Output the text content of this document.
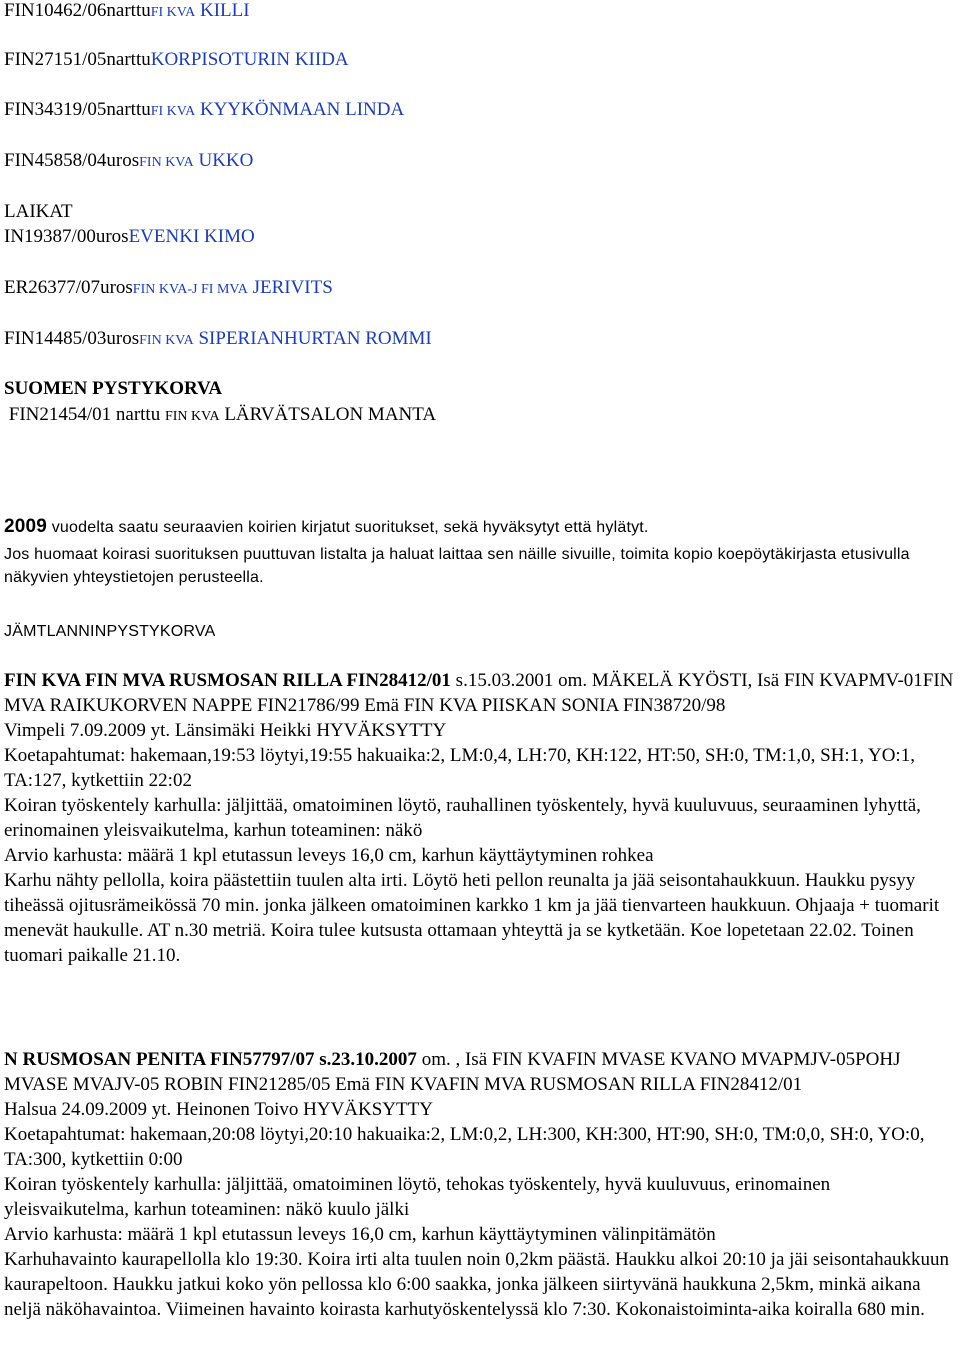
FIN10462/06narttuFI KVA KILLI
FIN27151/05narttuKORPISOTURIN KIIDA
FIN34319/05narttuFI KVA KYYKÖNMAAN LINDA
FIN45858/04urosFIN KVA UKKO
LAIKAT
IN19387/00urosEVENKI KIMO
ER26377/07urosFIN KVA-J FI MVA JERIVITS
FIN14485/03urosFIN KVA SIPERIANHURTAN ROMMI
SUOMEN PYSTYKORVA
FIN21454/01 narttu FIN KVA LÄRVÄTSALON MANTA
2009 vuodelta saatu seuraavien koirien kirjatut suoritukset, sekä hyväksytyt että hylätyt.
Jos huomaat koirasi suorituksen puuttuvan listalta ja haluat laittaa sen näille sivuille, toimita kopio koepöytäkirjasta etusivulla näkyvien yhteystietojen perusteella.
JÄMTLANNINPYSTYKORVA

FIN KVA FIN MVA RUSMOSAN RILLA FIN28412/01 s.15.03.2001 om. MÄKELÄ KYÖSTI, Isä FIN KVAPMV-01FIN MVA RAIKUKORVEN NAPPE FIN21786/99 Emä FIN KVA PIISKAN SONIA FIN38720/98

Vimpeli 7.09.2009 yt. Länsimäki Heikki HYVÄKSYTTY

Koetapahtumat: hakemaan,19:53 löytyi,19:55 hakuaika:2, LM:0,4, LH:70, KH:122, HT:50, SH:0, TM:1,0, SH:1, YO:1, TA:127, kytkettiin 22:02

Koiran työskentely karhulla: jäljittää, omatoiminen löytö, rauhallinen työskentely, hyvä kuuluvuus, seuraaminen lyhyttä, erinomainen yleisvaikutelma, karhun toteaminen: näkö

Arvio karhusta: määrä 1 kpl etutassun leveys 16,0 cm, karhun käyttäytyminen rohkea

Karhu nähty pellolla, koira päästettiin tuulen alta irti. Löytö heti pellon reunalta ja jää seisontahaukkuun. Haukku pysyy tiheässä ojitusrämeikössä 70 min. jonka jälkeen omatoiminen karkko 1 km ja jää tienvarteen haukkuun. Ohjaaja + tuomarit menevät haukulle. AT n.30 metriä. Koira tulee kutsusta ottamaan yhteyttä ja se kytketään. Koe lopetetaan 22.02. Toinen tuomari paikalle 21.10.

N RUSMOSAN PENITA FIN57797/07 s.23.10.2007 om. , Isä FIN KVAFIN MVASE KVANO MVAPMJV-05POHJ MVASE MVAJV-05 ROBIN FIN21285/05 Emä FIN KVAFIN MVA RUSMOSAN RILLA FIN28412/01

Halsua 24.09.2009 yt. Heinonen Toivo HYVÄKSYTTY

Koetapahtumat: hakemaan,20:08 löytyi,20:10 hakuaika:2, LM:0,2, LH:300, KH:300, HT:90, SH:0, TM:0,0, SH:0, YO:0, TA:300, kytkettiin 0:00

Koiran työskentely karhulla: jäljittää, omatoiminen löytö, tehokas työskentely, hyvä kuuluvuus, erinomainen yleisvaikutelma, karhun toteaminen: näkö kuulo jälki

Arvio karhusta: määrä 1 kpl etutassun leveys 16,0 cm, karhun käyttäytyminen välinpitämätön

Karhuhavainto kaurapellolla klo 19:30. Koira irti alta tuulen noin 0,2km päästä. Haukku alkoi 20:10 ja jäi seisontahaukkuun kaurapeltoon. Haukku jatkui koko yön pellossa klo 6:00 saakka, jonka jälkeen siirtyvänä haukkuna 2,5km, minkä aikana neljä näköhavaintoa. Viimeinen havainto koirasta karhutyöskentelyssä klo 7:30. Kokonaistoiminta-aika koiralla 680 min.
